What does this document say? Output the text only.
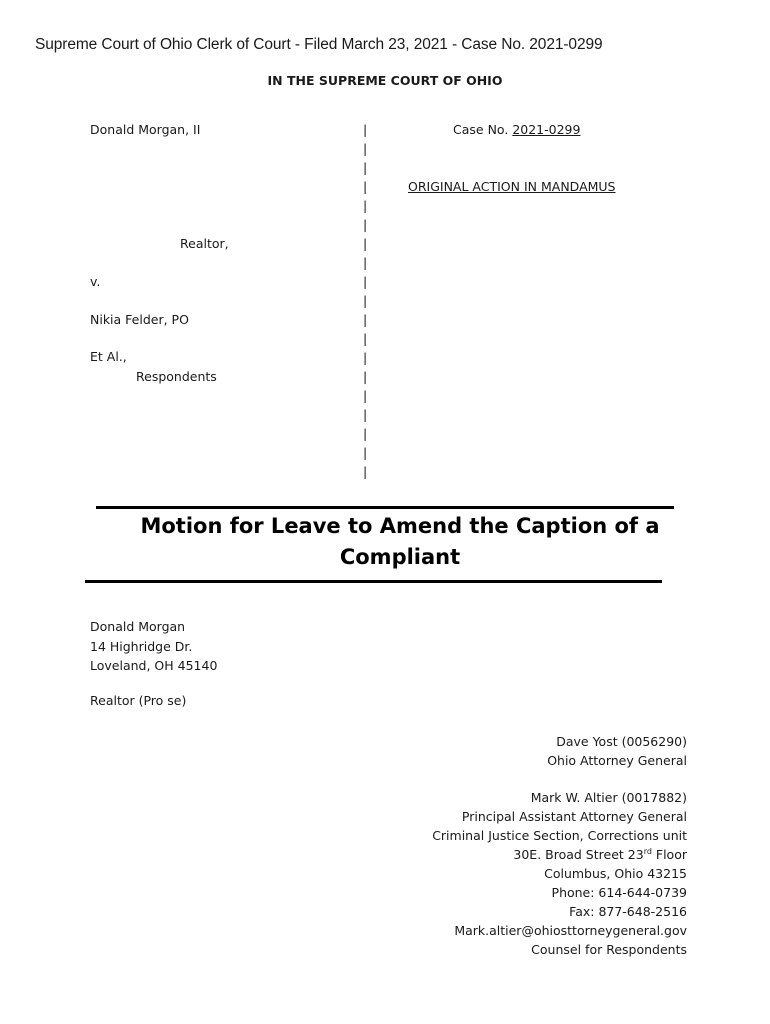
Supreme Court of Ohio Clerk of Court - Filed March 23, 2021 - Case No. 2021-0299
IN THE SUPREME COURT OF OHIO
Donald Morgan, II
Realtor,
v.
Nikia Felder, PO
Et Al.,
Respondents
|
|
|
|
|
|
|
|
|
|
|
|
|
|
|
|
|
|
|
Case No. 2021-0299
ORIGINAL ACTION IN MANDAMUS
Motion for Leave to Amend the Caption of a
Compliant
Donald Morgan
14 Highridge Dr.
Loveland, OH 45140
Realtor (Pro se)
Dave Yost (0056290)
Ohio Attorney General
Mark W. Altier (0017882)
Principal Assistant Attorney General
Criminal Justice Section, Corrections unit
30E. Broad Street 23rd Floor
Columbus, Ohio 43215
Phone: 614-644-0739
Fax: 877-648-2516
Mark.altier@ohiosttorneygeneral.gov
Counsel for Respondents
